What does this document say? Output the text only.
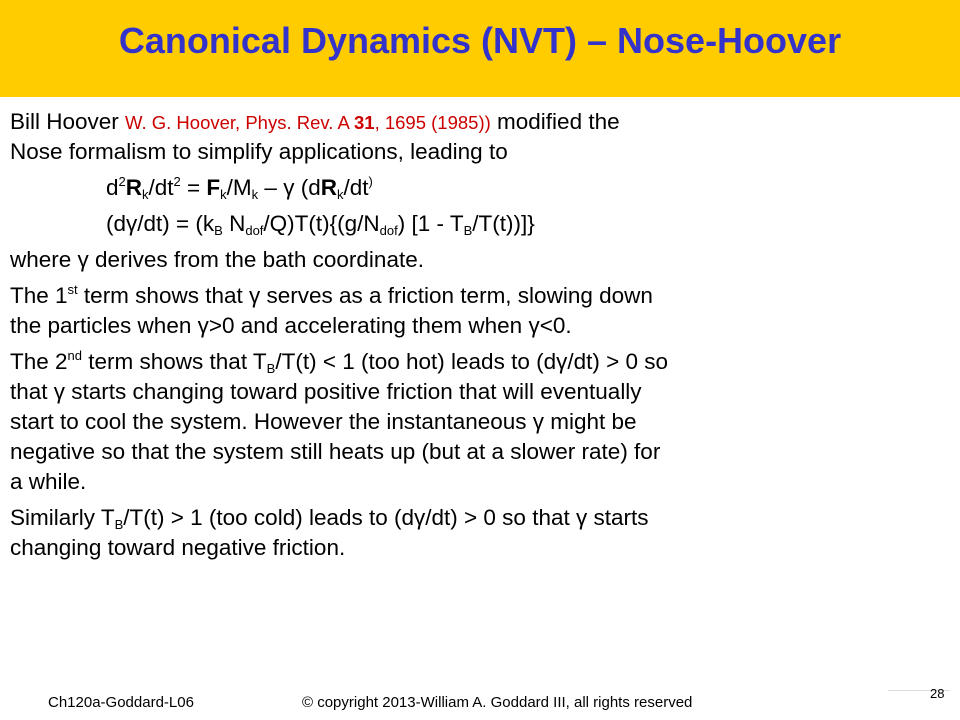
Canonical Dynamics (NVT) – Nose-Hoover
Bill Hoover W. G. Hoover, Phys. Rev. A 31, 1695 (1985)) modified the
Nose formalism to simplify applications, leading to
$d^2R_k/dt^2 = F_k/M_k - \gamma$ ($dR_k/dt^)$
$(d\gamma/dt) = (k_B$ $N_{dof}/Q)T(t)\{(g/N_{dof})$ $[1 - T_B/T(t))$]}
where γ derives from the bath coordinate.
The 1st term shows that γ serves as a friction term, slowing down
the particles when γ>0 and accelerating them when γ<0.
The 2nd term shows that $T_B/T(t) < 1$ (too hot) leads to (dγ/dt) > 0 so
that γ starts changing toward positive friction that will eventually
start to cool the system. However the instantaneous γ might be
negative so that the system still heats up (but at a slower rate) for
a while.
Similarly $T_B/T(t) > 1$ (too cold) leads to (dγ/dt) > 0 so that γ starts
changing toward negative friction.
Ch120a-Goddard-L06	© copyright 2013-William A. Goddard III, all rights reserved
28
